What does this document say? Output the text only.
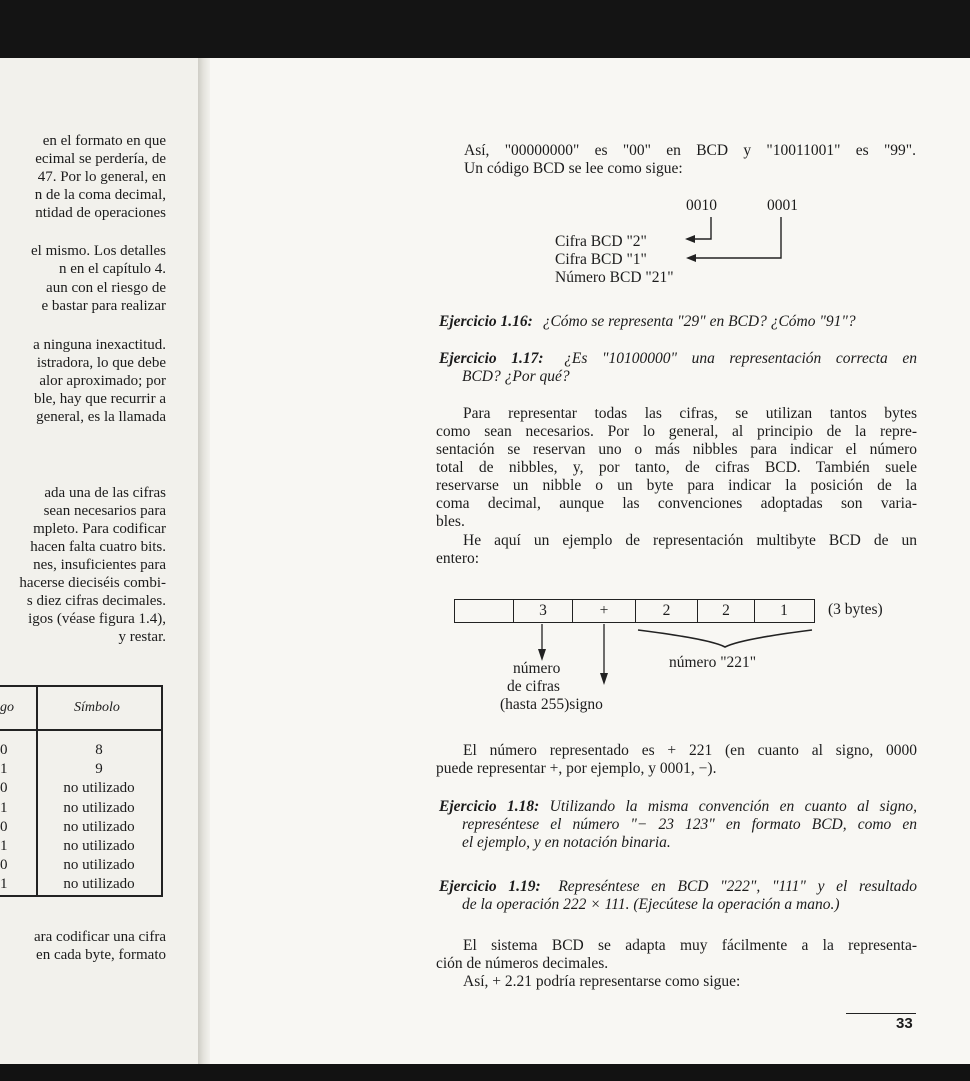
en el formato en que
ecimal se perdería, de
47. Por lo general, en
n de la coma decimal,
ntidad de operaciones
el mismo. Los detalles
n en el capítulo 4.
aun con el riesgo de
e bastar para realizar
a ninguna inexactitud.
istradora, lo que debe
alor aproximado; por
ble, hay que recurrir a
general, es la llamada
ada una de las cifras
sean necesarios para
mpleto. Para codificar
hacen falta cuatro bits.
nes, insuficientes para
hacerse dieciséis combi-
s diez cifras decimales.
igos (véase figura 1.4),
y restar.
go	Símbolo
0	8
1	9
0	no utilizado
1	no utilizado
0	no utilizado
1	no utilizado
0	no utilizado
1	no utilizado
ara codificar una cifra
en cada byte, formato
Así, "00000000" es "00" en BCD y "10011001" es "99".
Un código BCD se lee como sigue:
0010	0001
Cifra BCD "2"
Cifra BCD "1"
Número BCD "21"
Ejercicio 1.16: ¿Cómo se representa "29" en BCD? ¿Cómo "91"?
Ejercicio 1.17: ¿Es "10100000" una representación correcta en
BCD? ¿Por qué?
Para representar todas las cifras, se utilizan tantos bytes
como sean necesarios. Por lo general, al principio de la repre-
sentación se reservan uno o más nibbles para indicar el número
total de nibbles, y, por tanto, de cifras BCD. También suele
reservarse un nibble o un byte para indicar la posición de la
coma decimal, aunque las convenciones adoptadas son varia-
bles.
He aquí un ejemplo de representación multibyte BCD de un
entero:
3	+	2	2	1	(3 bytes)
número "221"
número
de cifras
(hasta 255)signo
El número representado es + 221 (en cuanto al signo, 0000
puede representar +, por ejemplo, y 0001, −).
Ejercicio 1.18: Utilizando la misma convención en cuanto al signo,
represéntese el número "− 23 123" en formato BCD, como en
el ejemplo, y en notación binaria.
Ejercicio 1.19: Represéntese en BCD "222", "111" y el resultado
de la operación 222 × 111. (Ejecútese la operación a mano.)
El sistema BCD se adapta muy fácilmente a la representa-
ción de números decimales.
Así, + 2.21 podría representarse como sigue:
33
